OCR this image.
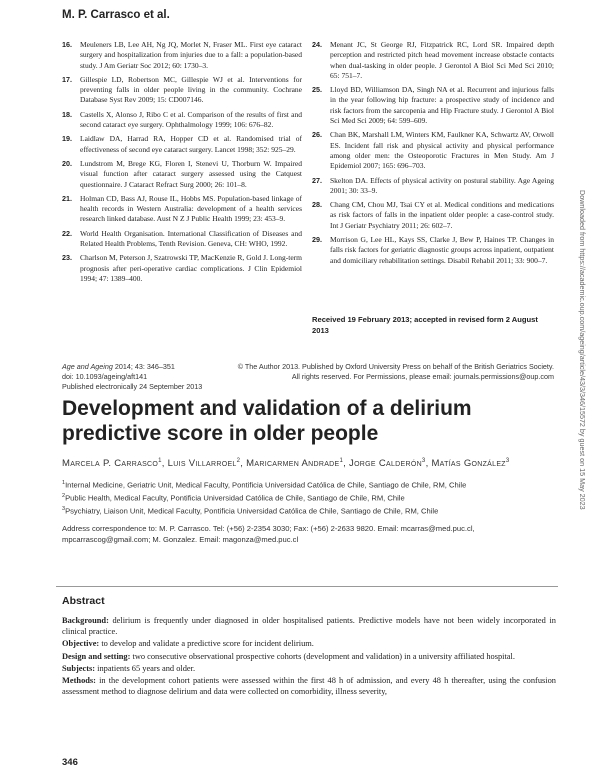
M. P. Carrasco et al.
16.	Meuleners LB, Lee AH, Ng JQ, Morlet N, Fraser ML. First eye cataract surgery and hospitalization from injuries due to a fall: a population-based study. J Am Geriatr Soc 2012; 60: 1730–3.
17.	Gillespie LD, Robertson MC, Gillespie WJ et al. Interventions for preventing falls in older people living in the community. Cochrane Database Syst Rev 2009; 15: CD007146.
18.	Castells X, Alonso J, Ribo C et al. Comparison of the results of first and second cataract eye surgery. Ophthalmology 1999; 106: 676–82.
19.	Laidlaw DA, Harrad RA, Hopper CD et al. Randomised trial of effectiveness of second eye cataract surgery. Lancet 1998; 352: 925–29.
20.	Lundstrom M, Brege KG, Floren I, Stenevi U, Thorburn W. Impaired visual function after cataract surgery assessed using the Catquest questionnaire. J Cataract Refract Surg 2000; 26: 101–8.
21.	Holman CD, Bass AJ, Rouse IL, Hobbs MS. Population-based linkage of health records in Western Australia: development of a health services research linked database. Aust N Z J Public Health 1999; 23: 453–9.
22.	World Health Organisation. International Classification of Diseases and Related Health Problems, Tenth Revision. Geneva, CH: WHO, 1992.
23.	Charlson M, Peterson J, Szatrowski TP, MacKenzie R, Gold J. Long-term prognosis after peri-operative cardiac complications. J Clin Epidemiol 1994; 47: 1389–400.
24.	Menant JC, St George RJ, Fitzpatrick RC, Lord SR. Impaired depth perception and restricted pitch head movement increase obstacle contacts when dual-tasking in older people. J Gerontol A Biol Sci Med Sci 2010; 65: 751–7.
25.	Lloyd BD, Williamson DA, Singh NA et al. Recurrent and injurious falls in the year following hip fracture: a prospective study of incidence and risk factors from the sarcopenia and Hip Fracture study. J Gerontol A Biol Sci Med Sci 2009; 64: 599–609.
26.	Chan BK, Marshall LM, Winters KM, Faulkner KA, Schwartz AV, Orwoll ES. Incident fall risk and physical activity and physical performance among older men: the Osteoporotic Fractures in Men Study. Am J Epidemiol 2007; 165: 696–703.
27.	Skelton DA. Effects of physical activity on postural stability. Age Ageing 2001; 30: 33–9.
28.	Chang CM, Chou MJ, Tsai CY et al. Medical conditions and medications as risk factors of falls in the inpatient older people: a case-control study. Int J Geriatr Psychiatry 2011; 26: 602–7.
29.	Morrison G, Lee HL, Kays SS, Clarke J, Bew P, Haines TP. Changes in falls risk factors for geriatric diagnostic groups across inpatient, outpatient and domiciliary rehabilitation settings. Disabil Rehabil 2011; 33: 900–7.
Received 19 February 2013; accepted in revised form 2 August 2013	Downloaded from https://academic.oup.com/ageing/article/43/3/346/15572 by guest on 15 May 2023
Age and Ageing 2014; 43: 346–351
doi: 10.1093/ageing/aft141
Published electronically 24 September 2013
© The Author 2013. Published by Oxford University Press on behalf of the British Geriatrics Society.
All rights reserved. For Permissions, please email: journals.permissions@oup.com
Development and validation of a delirium predictive score in older people
Marcela P. Carrasco$^1$, Luis Villarroel$^2$, Maricarmen Andrade$^1$, Jorge Calderón$^3$, Matías González$^3$
$^1$Internal Medicine, Geriatric Unit, Medical Faculty, Pontificia Universidad Católica de Chile, Santiago de Chile, RM, Chile
$^2$Public Health, Medical Faculty, Pontificia Universidad Católica de Chile, Santiago de Chile, RM, Chile
$^3$Psychiatry, Liaison Unit, Medical Faculty, Pontificia Universidad Católica de Chile, Santiago de Chile, RM, Chile
Address correspondence to: M. P. Carrasco. Tel: (+56) 2-2354 3030; Fax: (+56) 2-2633 9820. Email: mcarras@med.puc.cl, mpcarrascog@gmail.com; M. Gonzalez. Email: magonza@med.puc.cl
Abstract

Background: delirium is frequently under diagnosed in older hospitalised patients. Predictive models have not been widely incorporated in clinical practice.

Objective: to develop and validate a predictive score for incident delirium.

Design and setting: two consecutive observational prospective cohorts (development and validation) in a university affiliated hospital.

Subjects: inpatients 65 years and older.

Methods: in the development cohort patients were assessed within the first 48 h of admission, and every 48 h thereafter, using the confusion assessment method to diagnose delirium and data were collected on comorbidity, illness severity,

346
